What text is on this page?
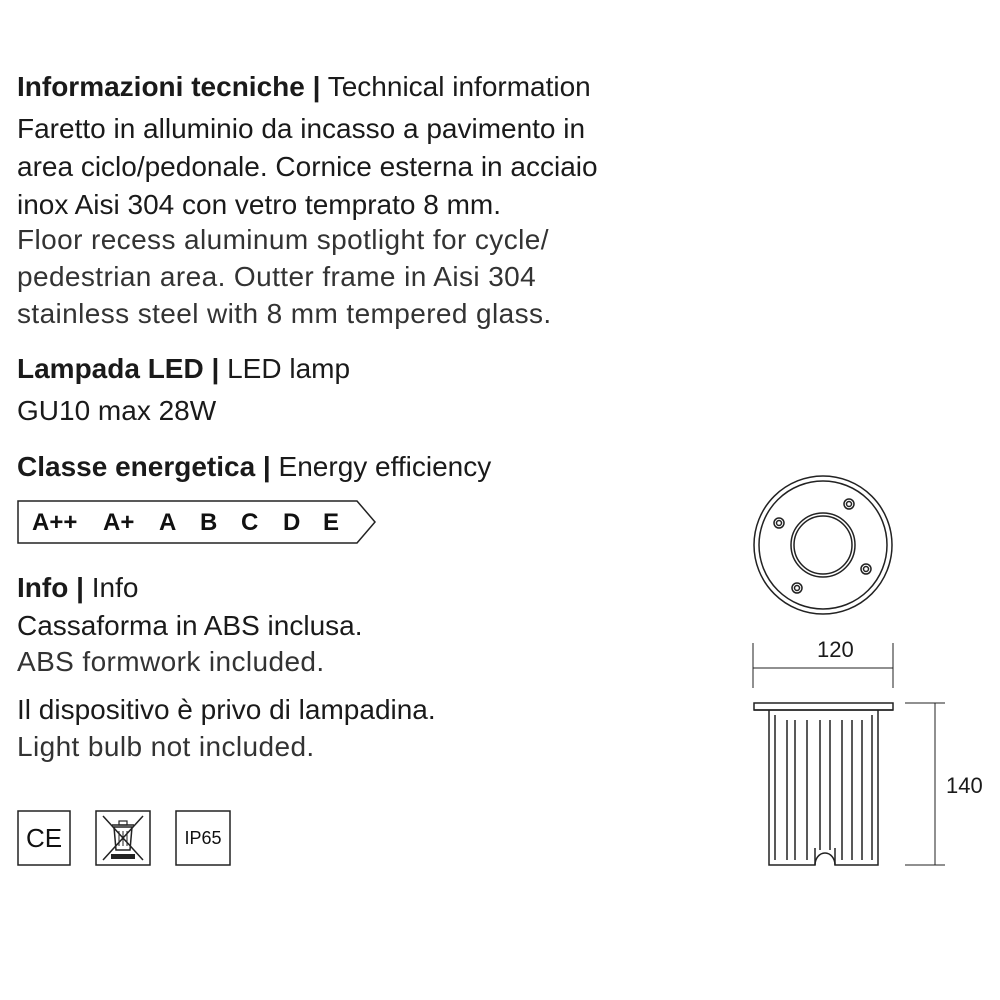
Informazioni tecniche | Technical information
Faretto in alluminio da incasso a pavimento in
area ciclo/pedonale. Cornice esterna in acciaio
inox Aisi 304 con vetro temprato 8 mm.
Floor recess aluminum spotlight for cycle/
pedestrian area. Outter frame in Aisi 304
stainless steel with 8 mm tempered glass.
Lampada LED | LED lamp
GU10 max 28W
Classe energetica | Energy efficiency
A++ A+ A B C D E
Info | Info
Cassaforma in ABS inclusa.
ABS formwork included.
Il dispositivo è privo di lampadina.
Light bulb not included.
CE	IP65
120
140
